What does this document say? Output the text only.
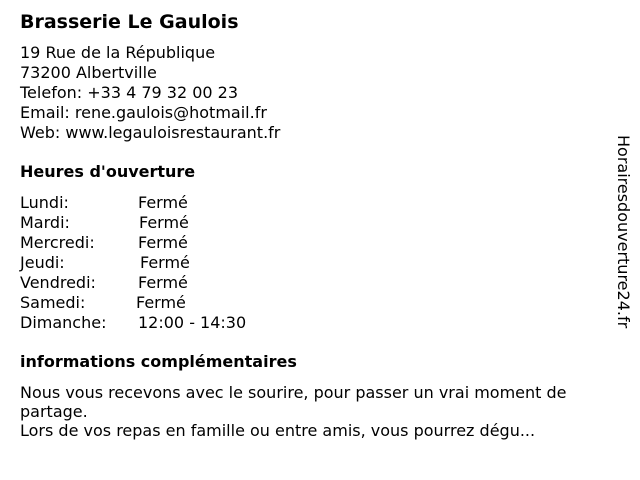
Brasserie Le Gaulois
19 Rue de la République
73200 Albertville
Telefon: +33 4 79 32 00 23
Email: rene.gaulois@hotmail.fr
Web: www.legauloisrestaurant.fr
Heures d'ouverture
Lundi:	Fermé
Mardi:	Fermé
Mercredi:	Fermé
Jeudi:	Fermé
Vendredi:	Fermé
Samedi:	Fermé
Dimanche:	12:00 - 14:30
informations complémentaires
Nous vous recevons avec le sourire, pour passer un vrai moment de partage.
Lors de vos repas en famille ou entre amis, vous pourrez dégu...
Horairesdouverture24.fr
